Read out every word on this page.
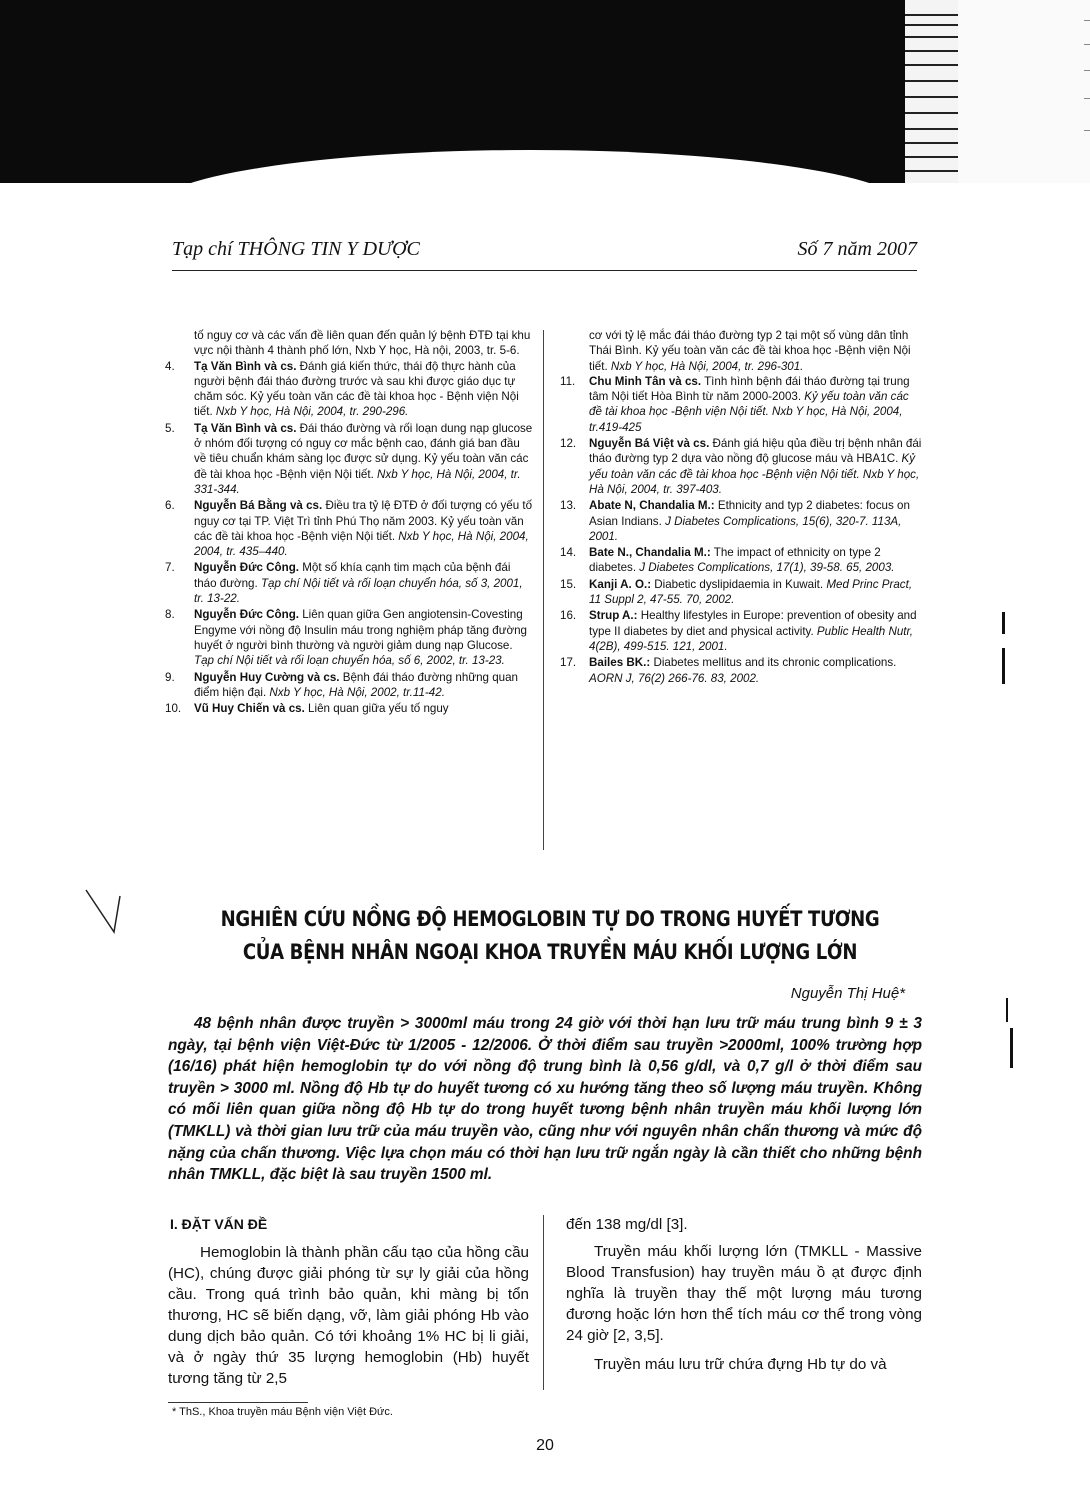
Tạp chí THÔNG TIN Y DƯỢC	Số 7 năm 2007
tố nguy cơ và các vấn đề liên quan đến quản lý bệnh ĐTĐ tại khu vực nội thành 4 thành phố lớn, Nxb Y học, Hà nội, 2003, tr. 5-6.
4. Tạ Văn Bình và cs. Đánh giá kiến thức, thái độ thực hành của người bệnh đái tháo đường trước và sau khi được giáo dục tự chăm sóc. Kỷ yếu toàn văn các đề tài khoa học - Bệnh viện Nội tiết. Nxb Y học, Hà Nội, 2004, tr. 290-296.
5. Tạ Văn Bình và cs. Đái tháo đường và rối loạn dung nạp glucose ở nhóm đối tượng có nguy cơ mắc bệnh cao, đánh giá ban đầu về tiêu chuẩn khám sàng lọc được sử dụng. Kỷ yếu toàn văn các đề tài khoa học -Bệnh viện Nội tiết. Nxb Y học, Hà Nội, 2004, tr. 331-344.
6. Nguyễn Bá Bằng và cs. Điều tra tỷ lệ ĐTĐ ở đối tượng có yếu tố nguy cơ tại TP. Việt Trì tỉnh Phú Thọ năm 2003. Kỷ yếu toàn văn các đề tài khoa học -Bệnh viện Nội tiết. Nxb Y học, Hà Nội, 2004, 2004, tr. 435–440.
7. Nguyễn Đức Công. Một số khía cạnh tim mạch của bệnh đái tháo đường. Tạp chí Nội tiết và rối loạn chuyển hóa, số 3, 2001, tr. 13-22.
8. Nguyễn Đức Công. Liên quan giữa Gen angiotensin-Covesting Engyme với nồng độ Insulin máu trong nghiệm pháp tăng đường huyết ở người bình thường và người giảm dung nạp Glucose. Tạp chí Nội tiết và rối loạn chuyển hóa, số 6, 2002, tr. 13-23.
9. Nguyễn Huy Cường và cs. Bệnh đái tháo đường những quan điểm hiện đại. Nxb Y học, Hà Nội, 2002, tr.11-42.
10. Vũ Huy Chiến và cs. Liên quan giữa yếu tố nguy
cơ với tỷ lệ mắc đái tháo đường typ 2 tại một số vùng dân tỉnh Thái Bình. Kỷ yếu toàn văn các đề tài khoa học -Bệnh viện Nội tiết. Nxb Y học, Hà Nội, 2004, tr. 296-301.
11. Chu Minh Tân và cs. Tình hình bệnh đái tháo đường tại trung tâm Nội tiết Hòa Bình từ năm 2000-2003. Kỷ yếu toàn văn các đề tài khoa học -Bệnh viện Nội tiết. Nxb Y học, Hà Nội, 2004, tr.419-425
12. Nguyễn Bá Việt và cs. Đánh giá hiệu qủa điều trị bệnh nhân đái tháo đường typ 2 dựa vào nồng độ glucose máu và HBA1C. Kỷ yếu toàn văn các đề tài khoa học -Bệnh viện Nội tiết. Nxb Y học, Hà Nội, 2004, tr. 397-403.
13. Abate N, Chandalia M.: Ethnicity and typ 2 diabetes: focus on Asian Indians. J Diabetes Complications, 15(6), 320-7. 113A, 2001.
14. Bate N., Chandalia M.: The impact of ethnicity on type 2 diabetes. J Diabetes Complications, 17(1), 39-58. 65, 2003.
15. Kanji A. O.: Diabetic dyslipidaemia in Kuwait. Med Princ Pract, 11 Suppl 2, 47-55. 70, 2002.
16. Strup A.: Healthy lifestyles in Europe: prevention of obesity and type II diabetes by diet and physical activity. Public Health Nutr, 4(2B), 499-515. 121, 2001.
17. Bailes BK.: Diabetes mellitus and its chronic complications. AORN J, 76(2) 266-76. 83, 2002.
NGHIÊN CỨU NỒNG ĐỘ HEMOGLOBIN TỰ DO TRONG HUYẾT TƯƠNG
CỦA BỆNH NHÂN NGOẠI KHOA TRUYỀN MÁU KHỐI LƯỢNG LỚN
Nguyễn Thị Huệ*
48 bệnh nhân được truyền > 3000ml máu trong 24 giờ với thời hạn lưu trữ máu trung bình 9 ± 3 ngày, tại bệnh viện Việt-Đức từ 1/2005 - 12/2006. Ở thời điểm sau truyền >2000ml, 100% trường hợp (16/16) phát hiện hemoglobin tự do với nồng độ trung bình là 0,56 g/dl, và 0,7 g/l ở thời điểm sau truyền > 3000 ml. Nồng độ Hb tự do huyết tương có xu hướng tăng theo số lượng máu truyền. Không có mối liên quan giữa nồng độ Hb tự do trong huyết tương bệnh nhân truyền máu khối lượng lớn (TMKLL) và thời gian lưu trữ của máu truyền vào, cũng như với nguyên nhân chấn thương và mức độ nặng của chấn thương. Việc lựa chọn máu có thời hạn lưu trữ ngắn ngày là cần thiết cho những bệnh nhân TMKLL, đặc biệt là sau truyền 1500 ml.
I. ĐẶT VẤN ĐỀ
Hemoglobin là thành phần cấu tạo của hồng cầu (HC), chúng được giải phóng từ sự ly giải của hồng cầu. Trong quá trình bảo quản, khi màng bị tổn thương, HC sẽ biến dạng, vỡ, làm giải phóng Hb vào dung dịch bảo quản. Có tới khoảng 1% HC bị li giải, và ở ngày thứ 35 lượng hemoglobin (Hb) huyết tương tăng từ 2,5
đến 138 mg/dl [3].
Truyền máu khối lượng lớn (TMKLL - Massive Blood Transfusion) hay truyền máu ồ ạt được định nghĩa là truyền thay thế một lượng máu tương đương hoặc lớn hơn thể tích máu cơ thể trong vòng 24 giờ [2, 3,5].
Truyền máu lưu trữ chứa đựng Hb tự do và
* ThS., Khoa truyền máu Bệnh viện Việt Đức.
20
